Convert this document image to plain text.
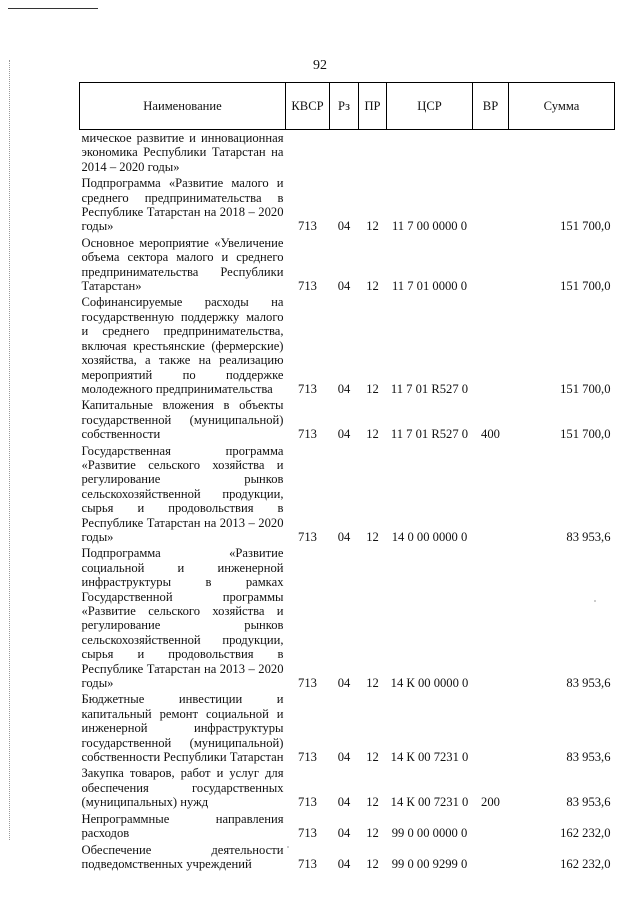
92
Наименование	КВСР	Рз	ПР	ЦСР	ВР	Сумма
мическое развитие и инновационная экономика Республики Татарстан на 2014 – 2020 годы»						
Подпрограмма «Развитие малого и среднего предпринимательства в Республике Татарстан на 2018 – 2020 годы»	713	04	12	11 7 00 0000 0		151 700,0
Основное мероприятие «Увеличение объема сектора малого и среднего предпринимательства Республики Татарстан»	713	04	12	11 7 01 0000 0		151 700,0
Софинансируемые расходы на государственную поддержку малого и среднего предпринимательства, включая крестьянские (фермерские) хозяйства, а также на реализацию мероприятий по поддержке молодежного предпринимательства	713	04	12	11 7 01 R527 0		151 700,0
Капитальные вложения в объекты государственной (муниципальной) собственности	713	04	12	11 7 01 R527 0	400	151 700,0
Государственная программа «Развитие сельского хозяйства и регулирование рынков сельскохозяйственной продукции, сырья и продовольствия в Республике Татарстан на 2013 – 2020 годы»	713	04	12	14 0 00 0000 0		83 953,6
Подпрограмма «Развитие социальной и инженерной инфраструктуры в рамках Государственной программы «Развитие сельского хозяйства и регулирование рынков сельскохозяйственной продукции, сырья и продовольствия в Республике Татарстан на 2013 – 2020 годы»	713	04	12	14 К 00 0000 0		83 953,6
Бюджетные инвестиции и капитальный ремонт социальной и инженерной инфраструктуры государственной (муниципальной) собственности Республики Татарстан	713	04	12	14 К 00 7231 0		83 953,6
Закупка товаров, работ и услуг для обеспечения государственных (муниципальных) нужд	713	04	12	14 К 00 7231 0	200	83 953,6
Непрограммные направления расходов	713	04	12	99 0 00 0000 0		162 232,0
Обеспечение деятельности подведомственных учреждений	713	04	12	99 0 00 9299 0		162 232,0
